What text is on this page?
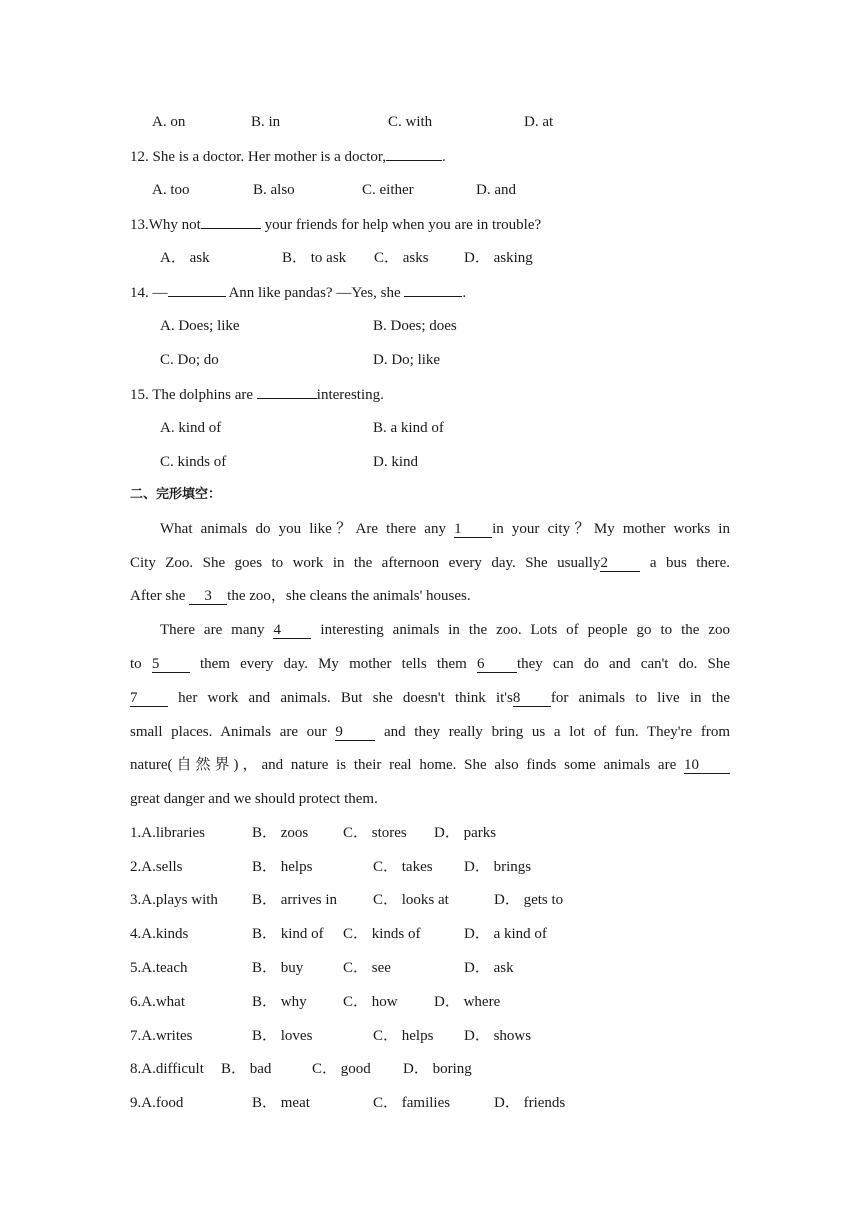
A. on	B. in	C. with	D. at
12. She is a doctor. Her mother is a doctor,	.
A. too	B. also	C. either	D. and
13.Why not	your friends for help when you are in trouble?
A． ask	B． to ask C． asks D． asking
14. —	Ann like pandas? —Yes, she	.
A. Does; like	B. Does; does
C. Do; do	D. Do; like
15. The dolphins are	interesting.
A. kind of	B. a kind of
C. kinds of	D. kind
二、完形填空：
What animals do you like？Are there any 1 in your city？My mother works in
City Zoo. She goes to work in the afternoon every day. She usually2 a bus there.
After she 3 the zoo，she cleans the animals' houses.
There are many 4 interesting animals in the zoo. Lots of people go to the zoo
to 5 them every day. My mother tells them 6 they can do and can't do. She
7 her work and animals. But she doesn't think it's8 for animals to live in the
small places. Animals are our 9 and they really bring us a lot of fun. They're from
nature(自然界)，and nature is their real home. She also finds some animals are 10
great danger and we should protect them.
1.A.libraries	B． zoos C． stores D． parks
2.A.sells	B． helps	C． takes D． brings
3.A.plays with B． arrives in C． looks at	D． gets to
4.A.kinds	B． kind of C． kinds of	D． a kind of
5.A.teach	B． buy	C． see	D． ask
6.A.what	B． why C． how D． where
7.A.writes	B． loves	C． helps D． shows
8.A.difficult B． bad	C． good D． boring
9.A.food	B． meat	C． families	D． friends
